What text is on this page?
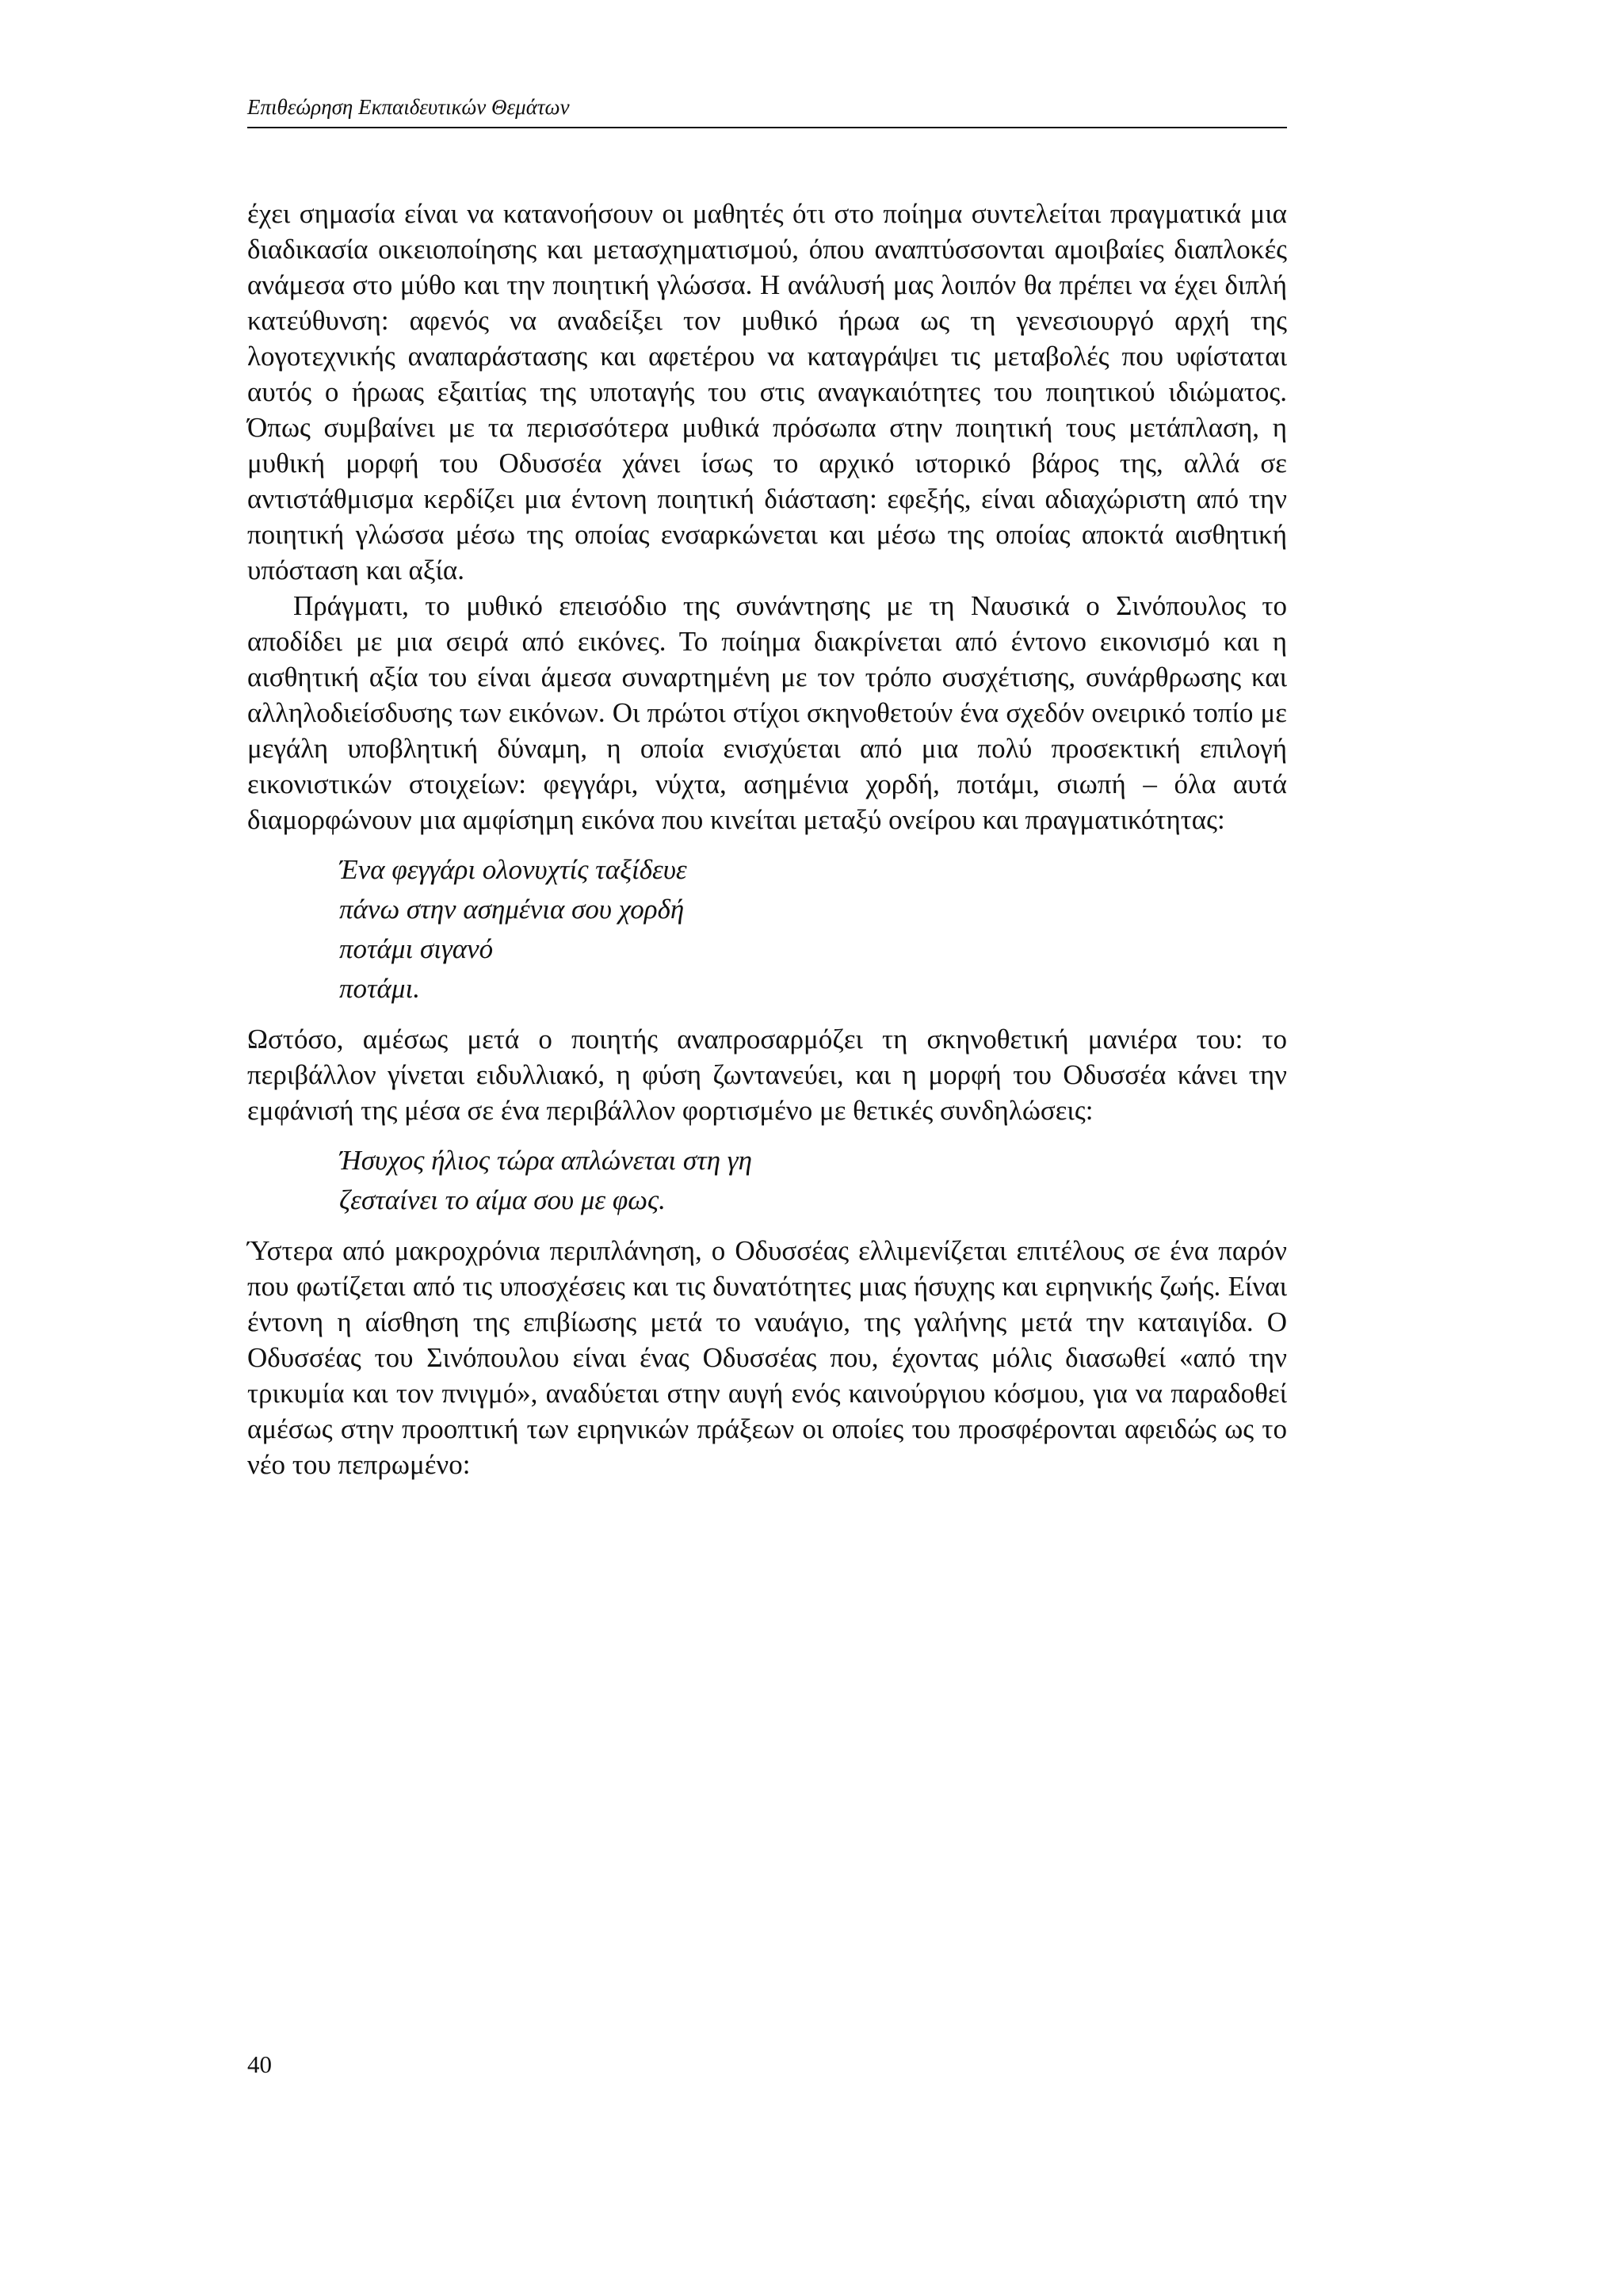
Επιθεώρηση Εκπαιδευτικών Θεμάτων

έχει σημασία είναι να κατανοήσουν οι μαθητές ότι στο ποίημα συντελείται πραγματικά μια διαδικασία οικειοποίησης και μετασχηματισμού, όπου αναπτύσσονται αμοιβαίες διαπλοκές ανάμεσα στο μύθο και την ποιητική γλώσσα. Η ανάλυσή μας λοιπόν θα πρέπει να έχει διπλή κατεύθυνση: αφενός να αναδείξει τον μυθικό ήρωα ως τη γενεσιουργό αρχή της λογοτεχνικής αναπαράστασης και αφετέρου να καταγράψει τις μεταβολές που υφίσταται αυτός ο ήρωας εξαιτίας της υποταγής του στις αναγκαιότητες του ποιητικού ιδιώματος. Όπως συμβαίνει με τα περισσότερα μυθικά πρόσωπα στην ποιητική τους μετάπλαση, η μυθική μορφή του Οδυσσέα χάνει ίσως το αρχικό ιστορικό βάρος της, αλλά σε αντιστάθμισμα κερδίζει μια έντονη ποιητική διάσταση: εφεξής, είναι αδιαχώριστη από την ποιητική γλώσσα μέσω της οποίας ενσαρκώνεται και μέσω της οποίας αποκτά αισθητική υπόσταση και αξία.

Πράγματι, το μυθικό επεισόδιο της συνάντησης με τη Ναυσικά ο Σινόπουλος το αποδίδει με μια σειρά από εικόνες. Το ποίημα διακρίνεται από έντονο εικονισμό και η αισθητική αξία του είναι άμεσα συναρτημένη με τον τρόπο συσχέτισης, συνάρθρωσης και αλληλοδιείσδυσης των εικόνων. Οι πρώτοι στίχοι σκηνοθετούν ένα σχεδόν ονειρικό τοπίο με μεγάλη υποβλητική δύναμη, η οποία ενισχύεται από μια πολύ προσεκτική επιλογή εικονιστικών στοιχείων: φεγγάρι, νύχτα, ασημένια χορδή, ποτάμι, σιωπή – όλα αυτά διαμορφώνουν μια αμφίσημη εικόνα που κινείται μεταξύ ονείρου και πραγματικότητας:

Ένα φεγγάρι ολονυχτίς ταξίδευε
πάνω στην ασημένια σου χορδή
ποτάμι σιγανό
ποτάμι.

Ωστόσο, αμέσως μετά ο ποιητής αναπροσαρμόζει τη σκηνοθετική μανιέρα του: το περιβάλλον γίνεται ειδυλλιακό, η φύση ζωντανεύει, και η μορφή του Οδυσσέα κάνει την εμφάνισή της μέσα σε ένα περιβάλλον φορτισμένο με θετικές συνδηλώσεις:

Ήσυχος ήλιος τώρα απλώνεται στη γη
ζεσταίνει το αίμα σου με φως.

Ύστερα από μακροχρόνια περιπλάνηση, ο Οδυσσέας ελλιμενίζεται επιτέλους σε ένα παρόν που φωτίζεται από τις υποσχέσεις και τις δυνατότητες μιας ήσυχης και ειρηνικής ζωής. Είναι έντονη η αίσθηση της επιβίωσης μετά το ναυάγιο, της γαλήνης μετά την καταιγίδα. Ο Οδυσσέας του Σινόπουλου είναι ένας Οδυσσέας που, έχοντας μόλις διασωθεί «από την τρικυμία και τον πνιγμό», αναδύεται στην αυγή ενός καινούργιου κόσμου, για να παραδοθεί αμέσως στην προοπτική των ειρηνικών πράξεων οι οποίες του προσφέρονται αφειδώς ως το νέο του πεπρωμένο:

40
